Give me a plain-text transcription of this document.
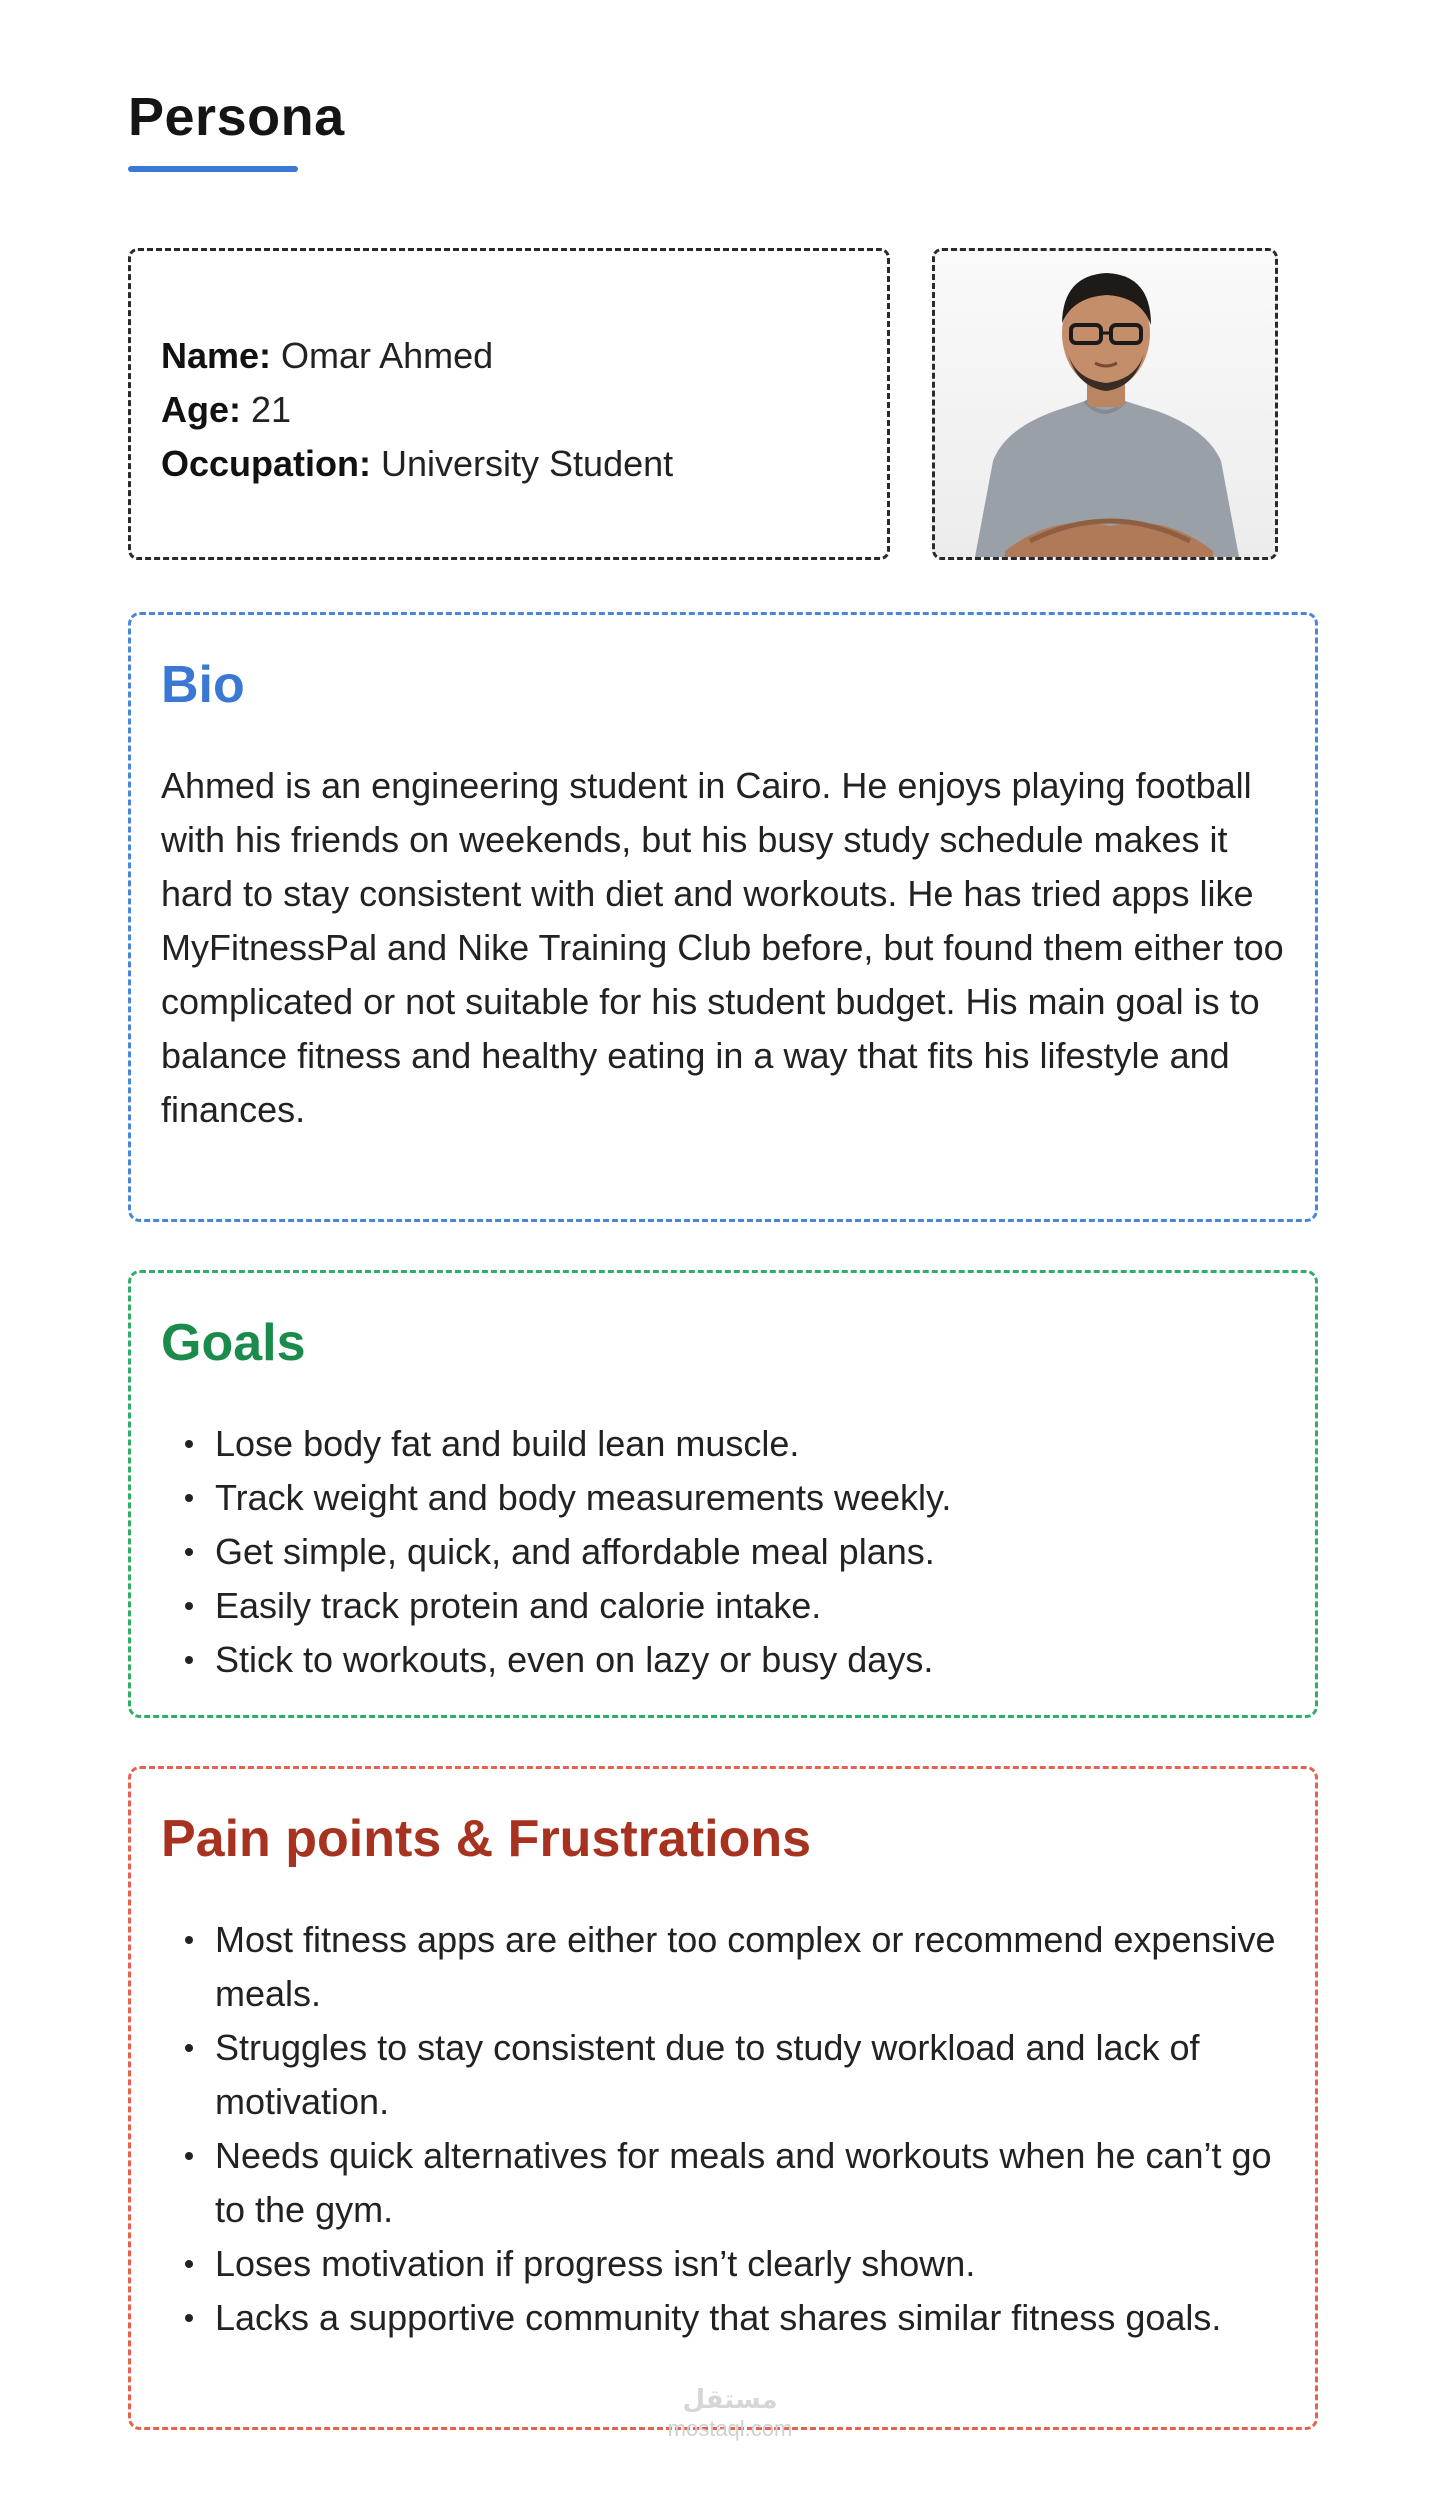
Persona
Name: Omar Ahmed
Age: 21
Occupation: University Student
Bio

Ahmed is an engineering student in Cairo. He enjoys playing football with his friends on weekends, but his busy study schedule makes it hard to stay consistent with diet and workouts. He has tried apps like MyFitnessPal and Nike Training Club before, but found them either too complicated or not suitable for his student budget. His main goal is to balance fitness and healthy eating in a way that fits his lifestyle and finances.

Goals
Lose body fat and build lean muscle.
Track weight and body measurements weekly.
Get simple, quick, and affordable meal plans.
Easily track protein and calorie intake.
Stick to workouts, even on lazy or busy days.
Pain points & Frustrations
Most fitness apps are either too complex or recommend expensive meals.
Struggles to stay consistent due to study workload and lack of motivation.
Needs quick alternatives for meals and workouts when he can’t go to the gym.
Loses motivation if progress isn’t clearly shown.
Lacks a supportive community that shares similar fitness goals.
مستقل
mostaql.com
